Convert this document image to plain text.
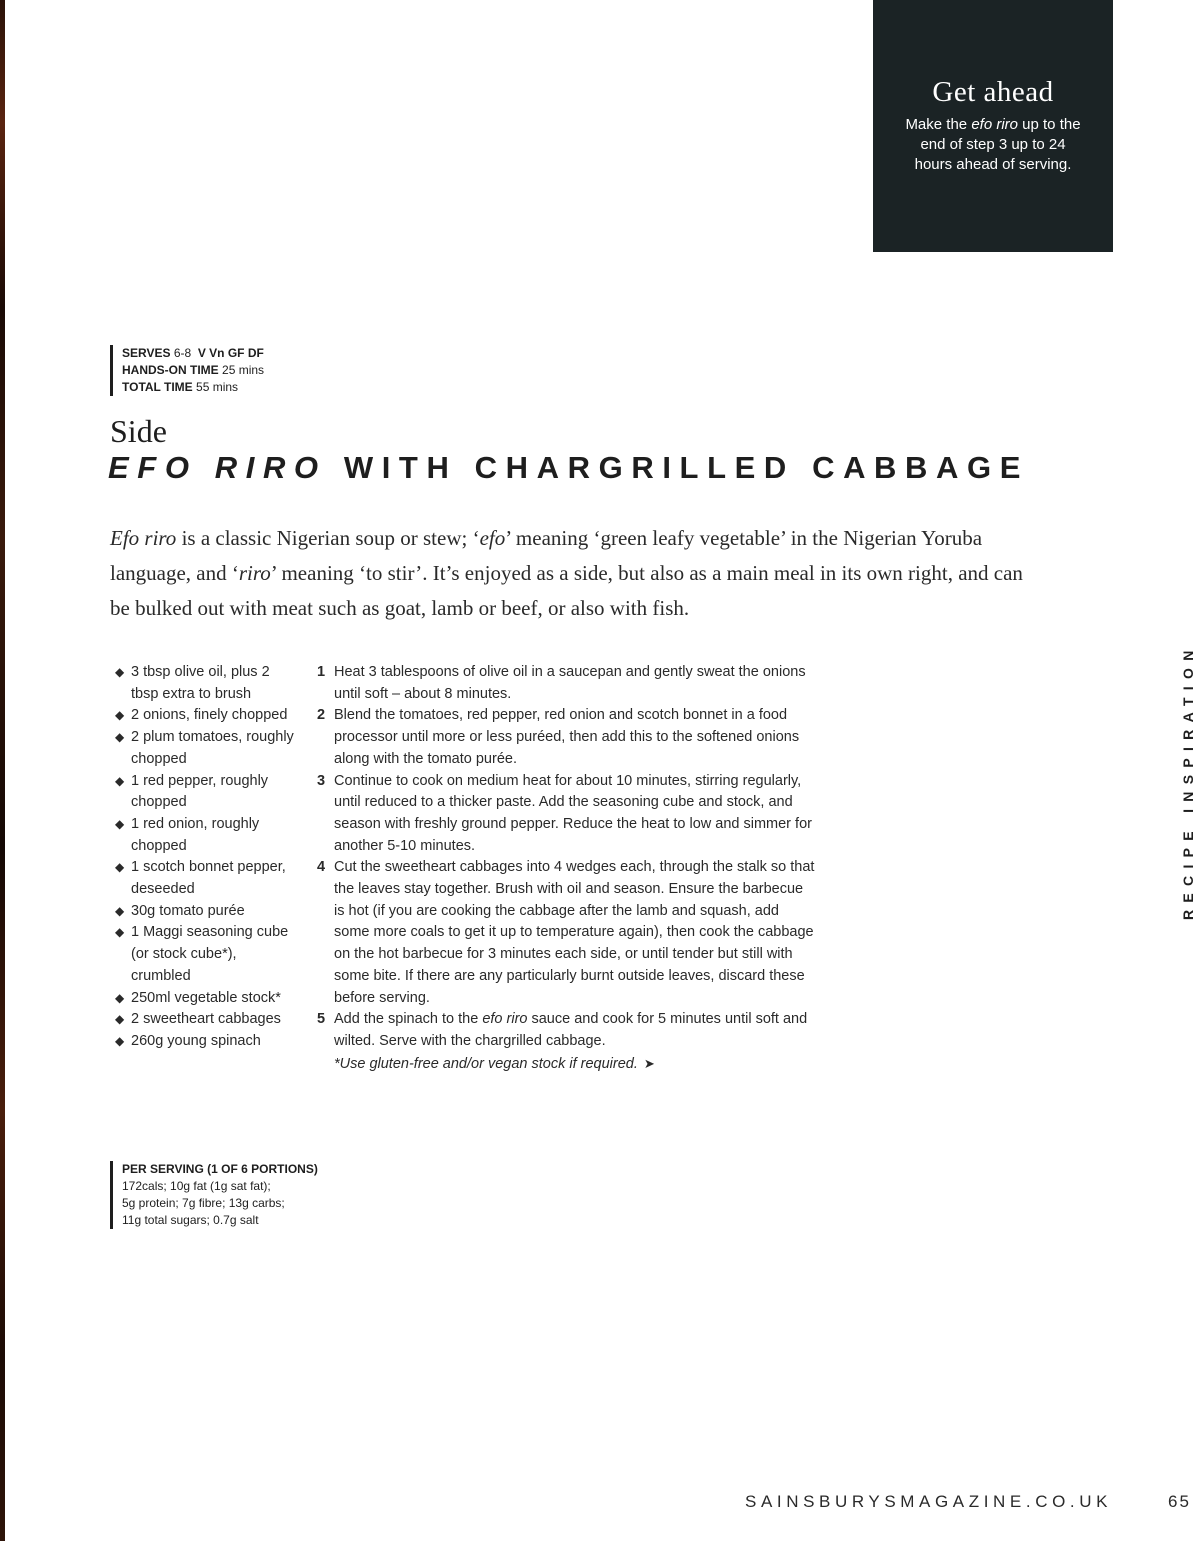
Get ahead
Make the efo riro up to the end of step 3 up to 24 hours ahead of serving.
SERVES 6-8 V Vn GF DF
HANDS-ON TIME 25 mins
TOTAL TIME 55 mins
Side
EFO RIRO WITH CHARGRILLED CABBAGE

Efo riro is a classic Nigerian soup or stew; ‘efo’ meaning ‘green leafy vegetable’ in the Nigerian Yoruba language, and ‘riro’ meaning ‘to stir’. It’s enjoyed as a side, but also as a main meal in its own right, and can be bulked out with meat such as goat, lamb or beef, or also with fish.

◆ 3 tbsp olive oil, plus 2 tbsp extra to brush
◆ 2 onions, finely chopped
◆ 2 plum tomatoes, roughly chopped
◆ 1 red pepper, roughly chopped
◆ 1 red onion, roughly chopped
◆ 1 scotch bonnet pepper, deseeded
◆ 30g tomato purée
◆ 1 Maggi seasoning cube (or stock cube*), crumbled
◆ 250ml vegetable stock*
◆ 2 sweetheart cabbages
◆ 260g young spinach
1 Heat 3 tablespoons of olive oil in a saucepan and gently sweat the onions until soft – about 8 minutes.
2 Blend the tomatoes, red pepper, red onion and scotch bonnet in a food processor until more or less puréed, then add this to the softened onions along with the tomato purée.
3 Continue to cook on medium heat for about 10 minutes, stirring regularly, until reduced to a thicker paste. Add the seasoning cube and stock, and season with freshly ground pepper. Reduce the heat to low and simmer for another 5-10 minutes.
4 Cut the sweetheart cabbages into 4 wedges each, through the stalk so that the leaves stay together. Brush with oil and season. Ensure the barbecue is hot (if you are cooking the cabbage after the lamb and squash, add some more coals to get it up to temperature again), then cook the cabbage on the hot barbecue for 3 minutes each side, or until tender but still with some bite. If there are any particularly burnt outside leaves, discard these before serving.
5 Add the spinach to the efo riro sauce and cook for 5 minutes until soft and wilted. Serve with the chargrilled cabbage.
*Use gluten-free and/or vegan stock if required. ➤
PER SERVING (1 OF 6 PORTIONS)
172cals; 10g fat (1g sat fat);
5g protein; 7g fibre; 13g carbs;
11g total sugars; 0.7g salt
RECIPE INSPIRATION
SAINSBURYSMAGAZINE.CO.UK	65
